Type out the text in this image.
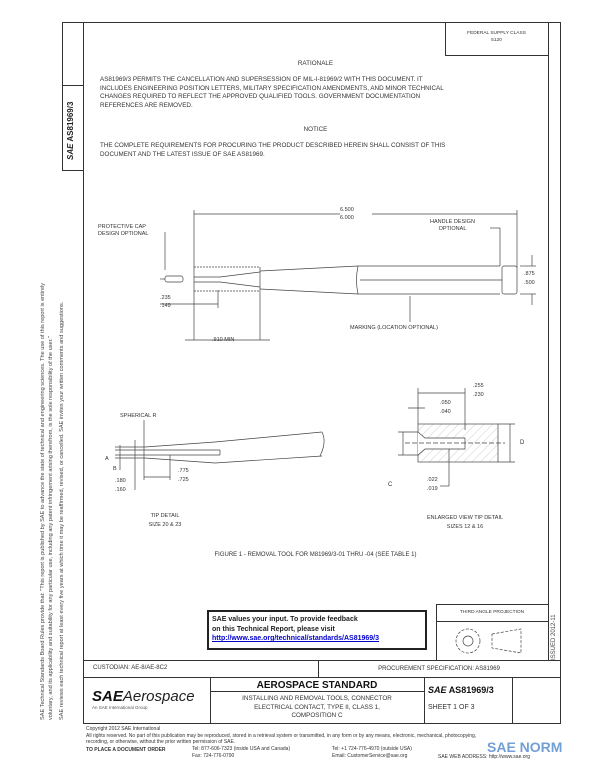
FEDERAL SUPPLY CLASS
5120
SAE AS81969/3
SAE Technical Standards Board Rules provide that: "This report is published by SAE to advance the state of technical and engineering sciences. The use of this report is entirely voluntary, and its applicability and suitability for any particular use, including any patent infringement arising therefrom, is the sole responsibility of the user." SAE reviews each technical report at least every five years at which time it may be reaffirmed, revised, or cancelled. SAE invites your written comments and suggestions.	ISSUED 2012-11
RATIONALE
AS81969/3 PERMITS THE CANCELLATION AND SUPERSESSION OF MIL-I-81969/2 WITH THIS DOCUMENT. IT
INCLUDES ENGINEERING POSITION LETTERS, MILITARY SPECIFICATION AMENDMENTS, AND MINOR TECHNICAL
CHANGES REQUIRED TO REFLECT THE APPROVED QUALIFIED TOOLS. GOVERNMENT DOCUMENTATION
REFERENCES ARE REMOVED.
NOTICE
THE COMPLETE REQUIREMENTS FOR PROCURING THE PRODUCT DESCRIBED HEREIN SHALL CONSIST OF THIS
DOCUMENT AND THE LATEST ISSUE OF SAE AS81969.
PROTECTIVE CAP
DESIGN OPTIONAL
6.500
6.000
HANDLE DESIGN
OPTIONAL
.875
.500
.235
.149
.910 MIN
MARKING (LOCATION OPTIONAL)
SPHERICAL R
A
B
.180
.160
.775
.725
TIP DETAIL
SIZE 20 & 23
.255
.230
.050
.040
D
C
.022
.019
ENLARGED VIEW TIP DETAIL
SIZES 12 & 16
FIGURE 1 - REMOVAL TOOL FOR M81969/3-01 THRU -04 (SEE TABLE 1)
SAE values your input. To provide feedback
on this Technical Report, please visit
http://www.sae.org/technical/standards/AS81969/3
THIRD ANGLE PROJECTION
CUSTODIAN: AE-8/AE-8C2	PROCUREMENT SPECIFICATION: AS81969
SAEAerospace
An SAE International Group
AEROSPACE STANDARD
INSTALLING AND REMOVAL TOOLS, CONNECTOR
ELECTRICAL CONTACT, TYPE II, CLASS 1,
COMPOSITION C
SAE AS81969/3
SHEET 1 OF 3
Copyright 2012 SAE International
All rights reserved. No part of this publication may be reproduced, stored in a retrieval system or transmitted, in any form or by any means, electronic, mechanical, photocopying,
recording, or otherwise, without the prior written permission of SAE.
TO PLACE A DOCUMENT ORDER	Tel: 877-606-7323 (inside USA and Canada)
Fax: 724-776-0790
Tel: +1 724-776-4970 (outside USA)
Email: CustomerService@sae.org	SAE WEB ADDRESS: http://www.sae.org
SAE NORM
